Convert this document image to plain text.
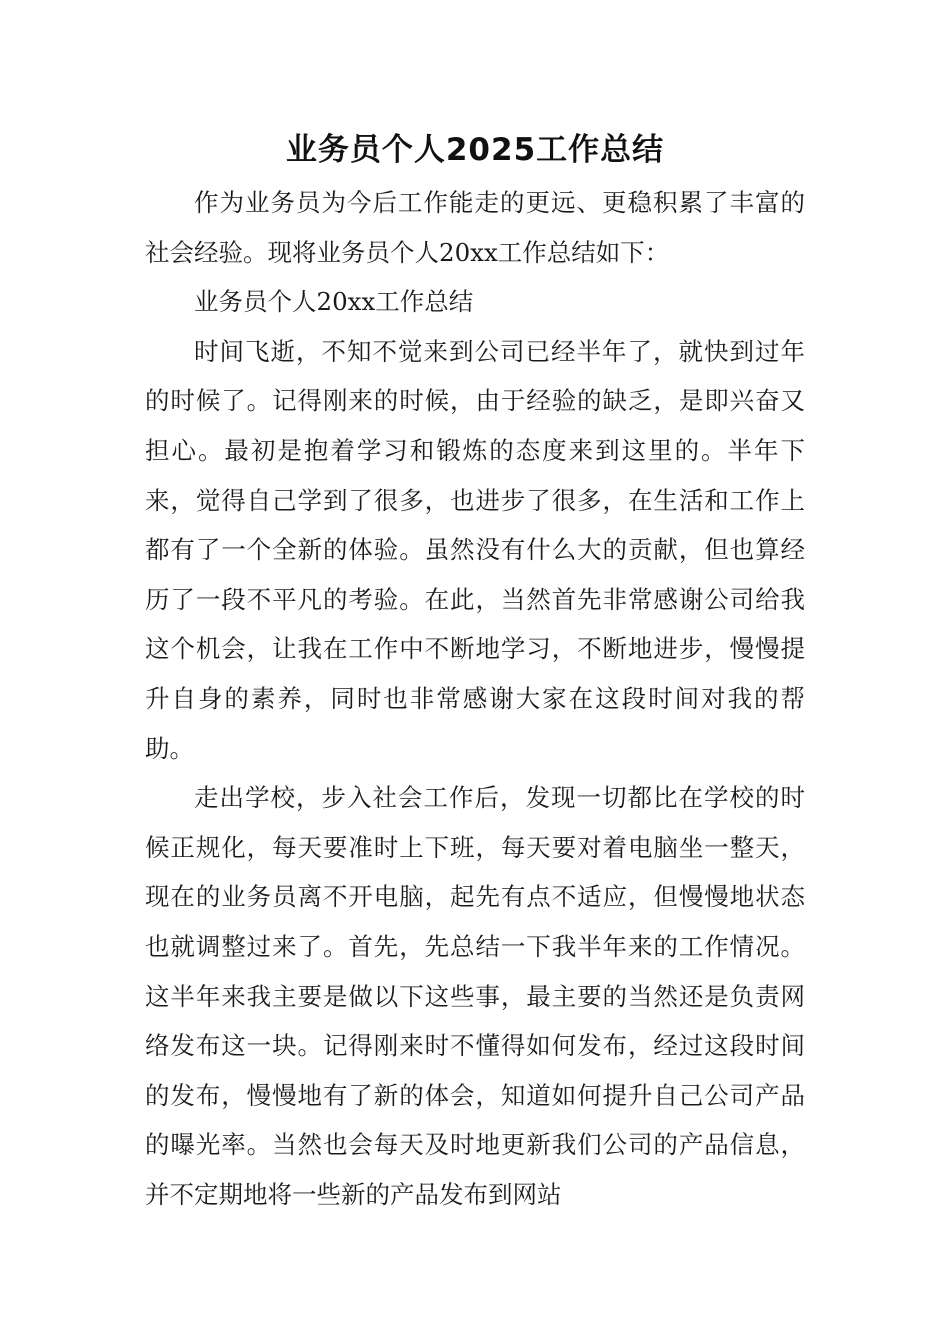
业务员个人2025工作总结

作为业务员为今后工作能走的更远、更稳积累了丰富的社会经验。现将业务员个人20xx工作总结如下：

业务员个人20xx工作总结

时间飞逝，不知不觉来到公司已经半年了，就快到过年的时候了。记得刚来的时候，由于经验的缺乏，是即兴奋又担心。最初是抱着学习和锻炼的态度来到这里的。半年下来，觉得自己学到了很多，也进步了很多，在生活和工作上都有了一个全新的体验。虽然没有什么大的贡献，但也算经历了一段不平凡的考验。在此，当然首先非常感谢公司给我这个机会，让我在工作中不断地学习，不断地进步，慢慢提升自身的素养，同时也非常感谢大家在这段时间对我的帮助。

走出学校，步入社会工作后，发现一切都比在学校的时候正规化，每天要准时上下班，每天要对着电脑坐一整天，现在的业务员离不开电脑，起先有点不适应，但慢慢地状态也就调整过来了。首先，先总结一下我半年来的工作情况。这半年来我主要是做以下这些事，最主要的当然还是负责网络发布这一块。记得刚来时不懂得如何发布，经过这段时间的发布，慢慢地有了新的体会，知道如何提升自己公司产品的曝光率。当然也会每天及时地更新我们公司的产品信息，并不定期地将一些新的产品发布到网站
